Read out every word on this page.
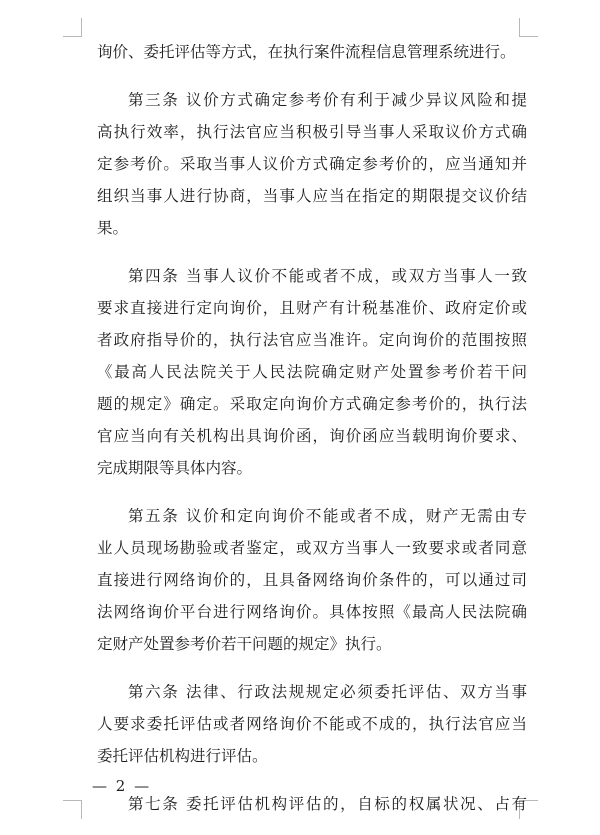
询价、委托评估等方式，在执行案件流程信息管理系统进行。
第三条 议价方式确定参考价有利于减少异议风险和提
高执行效率，执行法官应当积极引导当事人采取议价方式确
定参考价。采取当事人议价方式确定参考价的，应当通知并
组织当事人进行协商，当事人应当在指定的期限提交议价结
果。
第四条 当事人议价不能或者不成，或双方当事人一致
要求直接进行定向询价，且财产有计税基准价、政府定价或
者政府指导价的，执行法官应当准许。定向询价的范围按照
《最高人民法院关于人民法院确定财产处置参考价若干问
题的规定》确定。采取定向询价方式确定参考价的，执行法
官应当向有关机构出具询价函，询价函应当载明询价要求、
完成期限等具体内容。
第五条 议价和定向询价不能或者不成，财产无需由专
业人员现场勘验或者鉴定，或双方当事人一致要求或者同意
直接进行网络询价的，且具备网络询价条件的，可以通过司
法网络询价平台进行网络询价。具体按照《最高人民法院确
定财产处置参考价若干问题的规定》执行。
第六条 法律、行政法规规定必须委托评估、双方当事
人要求委托评估或者网络询价不能或不成的，执行法官应当
委托评估机构进行评估。
第七条 委托评估机构评估的，自标的权属状况、占有
— 2 —
